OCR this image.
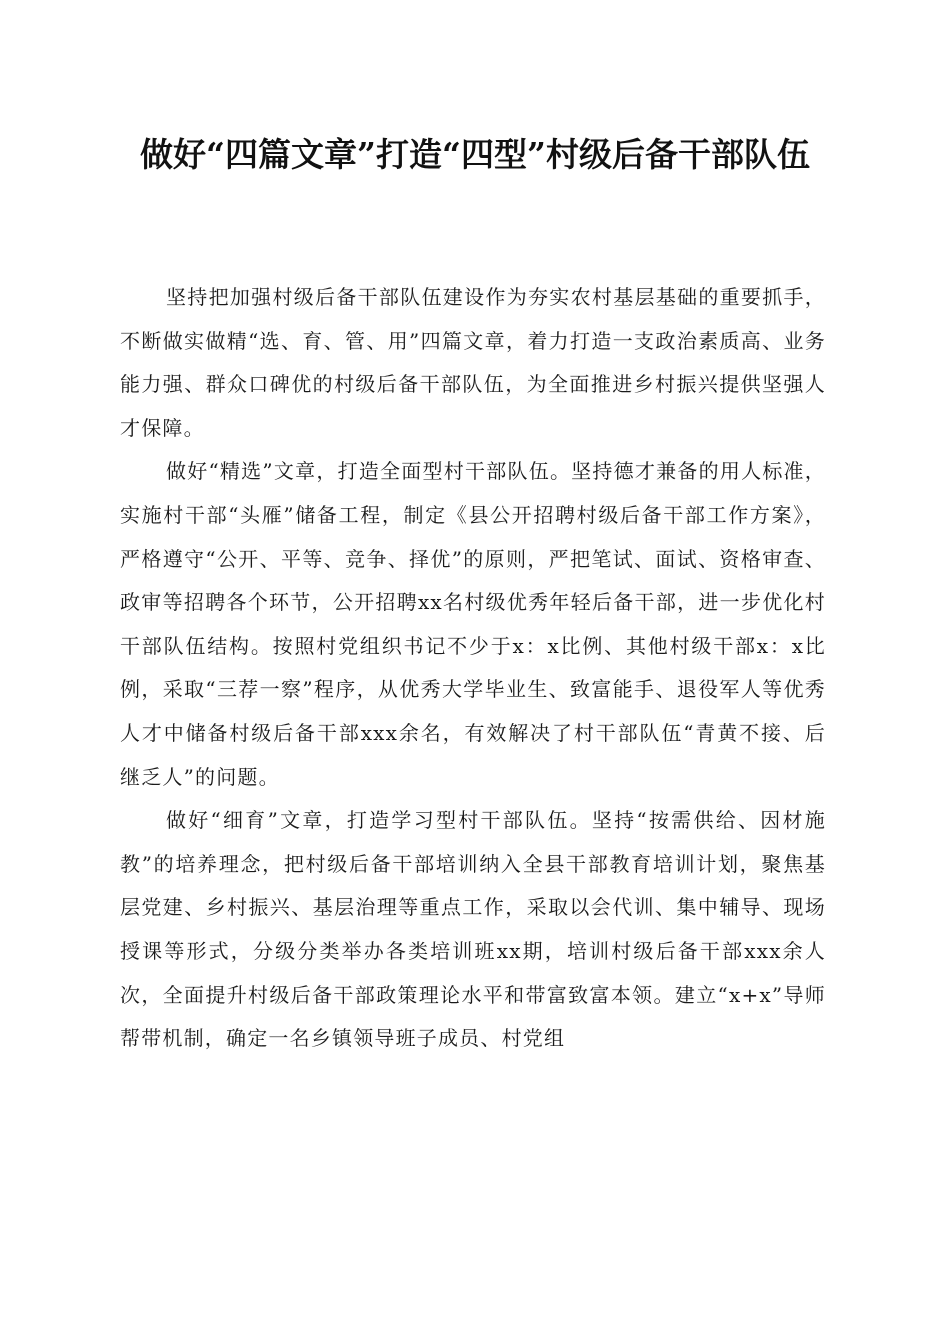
做好“四篇文章”打造“四型”村级后备干部队伍

坚持把加强村级后备干部队伍建设作为夯实农村基层基础的重要抓手，不断做实做精“选、育、管、用”四篇文章，着力打造一支政治素质高、业务能力强、群众口碑优的村级后备干部队伍，为全面推进乡村振兴提供坚强人才保障。

做好“精选”文章，打造全面型村干部队伍。坚持德才兼备的用人标准，实施村干部“头雁”储备工程，制定《县公开招聘村级后备干部工作方案》，严格遵守“公开、平等、竞争、择优”的原则，严把笔试、面试、资格审查、政审等招聘各个环节，公开招聘xx名村级优秀年轻后备干部，进一步优化村干部队伍结构。按照村党组织书记不少于x：x比例、其他村级干部x：x比例，采取“三荐一察”程序，从优秀大学毕业生、致富能手、退役军人等优秀人才中储备村级后备干部xxx余名，有效解决了村干部队伍“青黄不接、后继乏人”的问题。

做好“细育”文章，打造学习型村干部队伍。坚持“按需供给、因材施教”的培养理念，把村级后备干部培训纳入全县干部教育培训计划，聚焦基层党建、乡村振兴、基层治理等重点工作，采取以会代训、集中辅导、现场授课等形式，分级分类举办各类培训班xx期，培训村级后备干部xxx余人次，全面提升村级后备干部政策理论水平和带富致富本领。建立“x+x”导师帮带机制，确定一名乡镇领导班子成员、村党组
